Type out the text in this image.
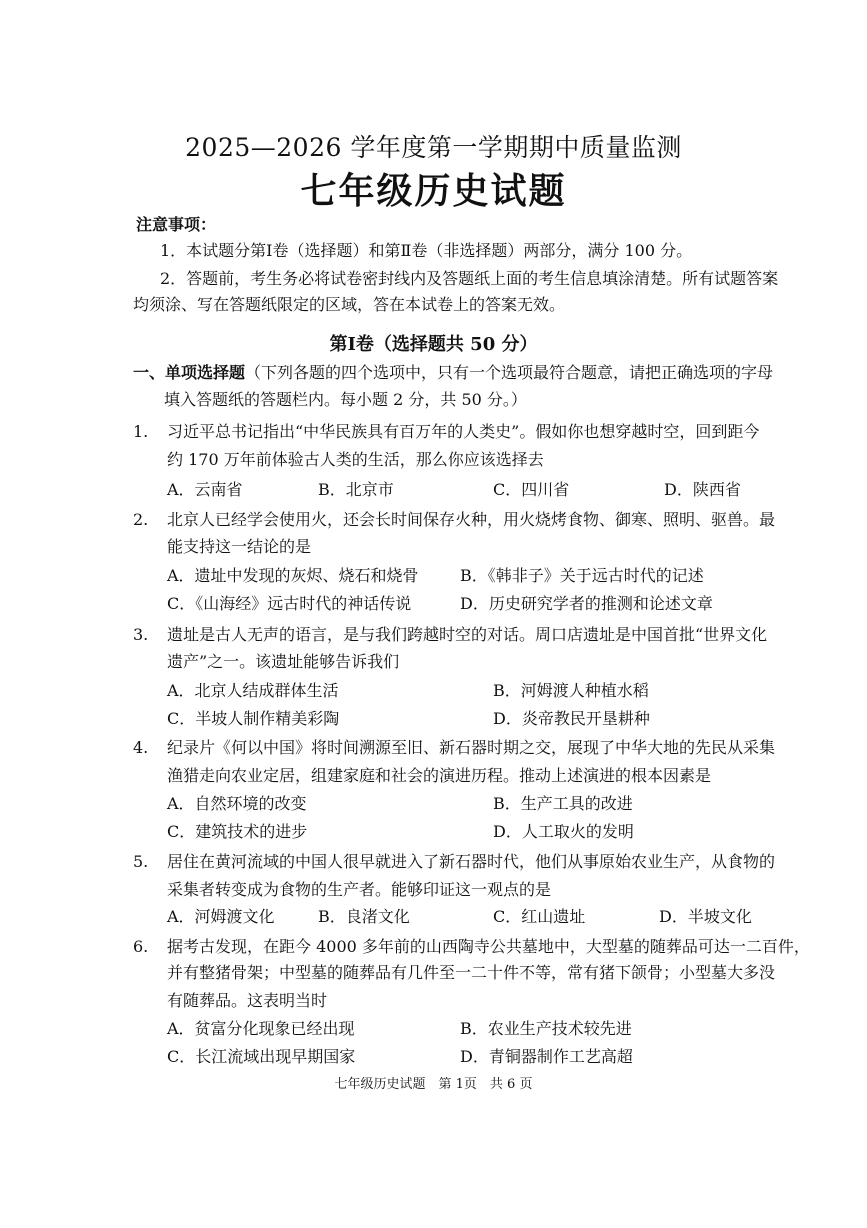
2025—2026 学年度第一学期期中质量监测
七年级历史试题
注意事项：
1．本试题分第Ⅰ卷（选择题）和第Ⅱ卷（非选择题）两部分，满分 100 分。
2．答题前，考生务必将试卷密封线内及答题纸上面的考生信息填涂清楚。所有试题答案
均须涂、写在答题纸限定的区域，答在本试卷上的答案无效。
第Ⅰ卷（选择题共 50 分）
一、单项选择题（下列各题的四个选项中，只有一个选项最符合题意，请把正确选项的字母
填入答题纸的答题栏内。每小题 2 分，共 50 分。）
1. 习近平总书记指出“中华民族具有百万年的人类史”。假如你也想穿越时空，回到距今
约 170 万年前体验古人类的生活，那么你应该选择去
A．云南省	B．北京市	C．四川省	D．陕西省
2. 北京人已经学会使用火，还会长时间保存火种，用火烧烤食物、御寒、照明、驱兽。最
能支持这一结论的是
A．遗址中发现的灰烬、烧石和烧骨	B．《韩非子》关于远古时代的记述
C．《山海经》远古时代的神话传说	D．历史研究学者的推测和论述文章
3. 遗址是古人无声的语言，是与我们跨越时空的对话。周口店遗址是中国首批“世界文化
遗产”之一。该遗址能够告诉我们
A．北京人结成群体生活	B．河姆渡人种植水稻
C．半坡人制作精美彩陶	D．炎帝教民开垦耕种
4. 纪录片《何以中国》将时间溯源至旧、新石器时期之交，展现了中华大地的先民从采集
渔猎走向农业定居，组建家庭和社会的演进历程。推动上述演进的根本因素是
A．自然环境的改变	B．生产工具的改进
C．建筑技术的进步	D．人工取火的发明
5. 居住在黄河流域的中国人很早就进入了新石器时代，他们从事原始农业生产，从食物的
采集者转变成为食物的生产者。能够印证这一观点的是
A．河姆渡文化	B．良渚文化	C．红山遗址	D．半坡文化
6. 据考古发现，在距今 4000 多年前的山西陶寺公共墓地中，大型墓的随葬品可达一二百件，
并有整猪骨架；中型墓的随葬品有几件至一二十件不等，常有猪下颌骨；小型墓大多没
有随葬品。这表明当时
A．贫富分化现象已经出现	B．农业生产技术较先进
C．长江流域出现早期国家	D．青铜器制作工艺高超
七年级历史试题　第 1页　共 6 页
